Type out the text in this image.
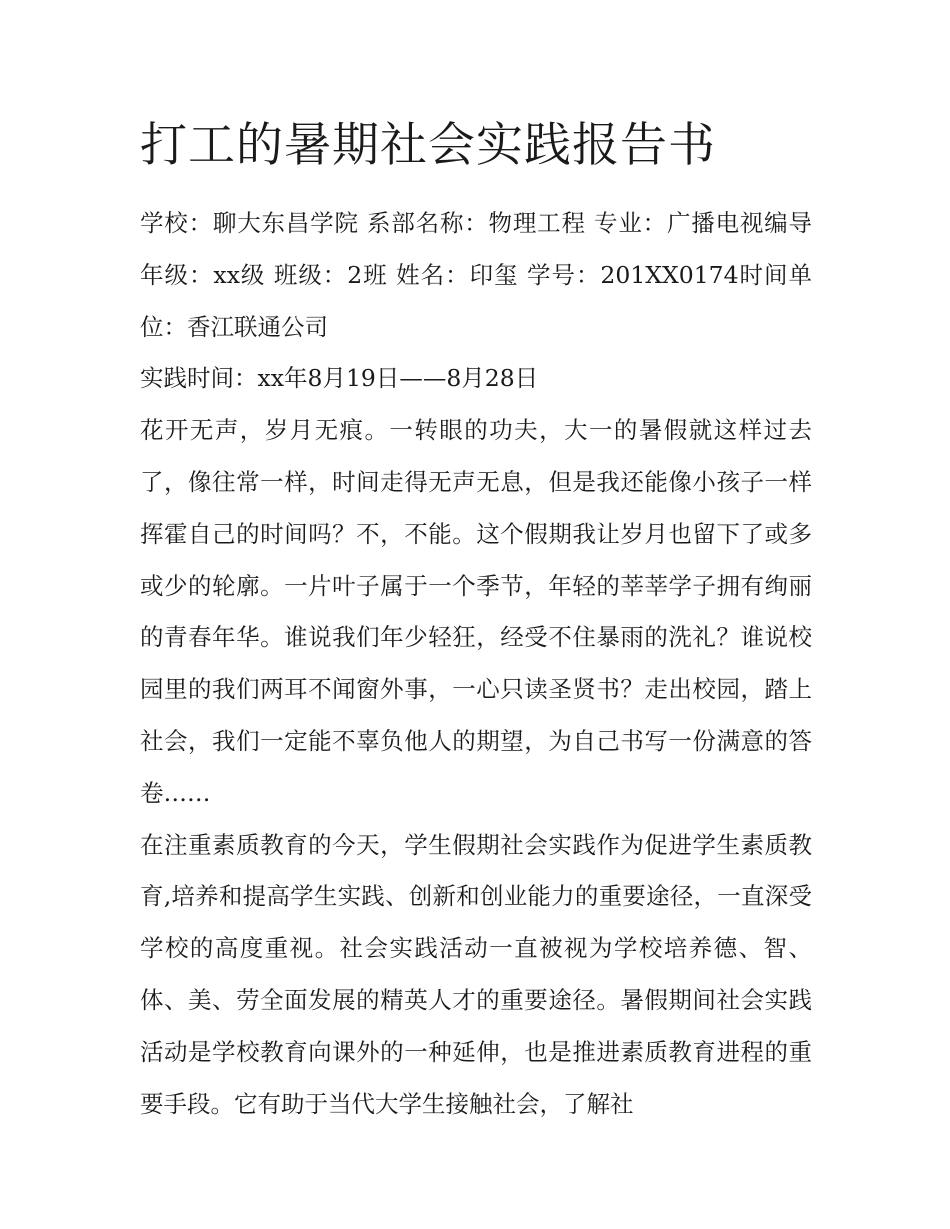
打工的暑期社会实践报告书

学校：聊大东昌学院 系部名称：物理工程 专业：广播电视编导 年级：xx级 班级：2班 姓名：印玺 学号：201XX0174时间单位：香江联通公司

实践时间：xx年8月19日——8月28日

花开无声，岁月无痕。一转眼的功夫，大一的暑假就这样过去了，像往常一样，时间走得无声无息，但是我还能像小孩子一样挥霍自己的时间吗？不，不能。这个假期我让岁月也留下了或多或少的轮廓。一片叶子属于一个季节，年轻的莘莘学子拥有绚丽的青春年华。谁说我们年少轻狂，经受不住暴雨的洗礼？谁说校园里的我们两耳不闻窗外事，一心只读圣贤书？走出校园，踏上社会，我们一定能不辜负他人的期望，为自己书写一份满意的答卷……

在注重素质教育的今天，学生假期社会实践作为促进学生素质教育,培养和提高学生实践、创新和创业能力的重要途径，一直深受学校的高度重视。社会实践活动一直被视为学校培养德、智、体、美、劳全面发展的精英人才的重要途径。暑假期间社会实践活动是学校教育向课外的一种延伸，也是推进素质教育进程的重要手段。它有助于当代大学生接触社会，了解社
